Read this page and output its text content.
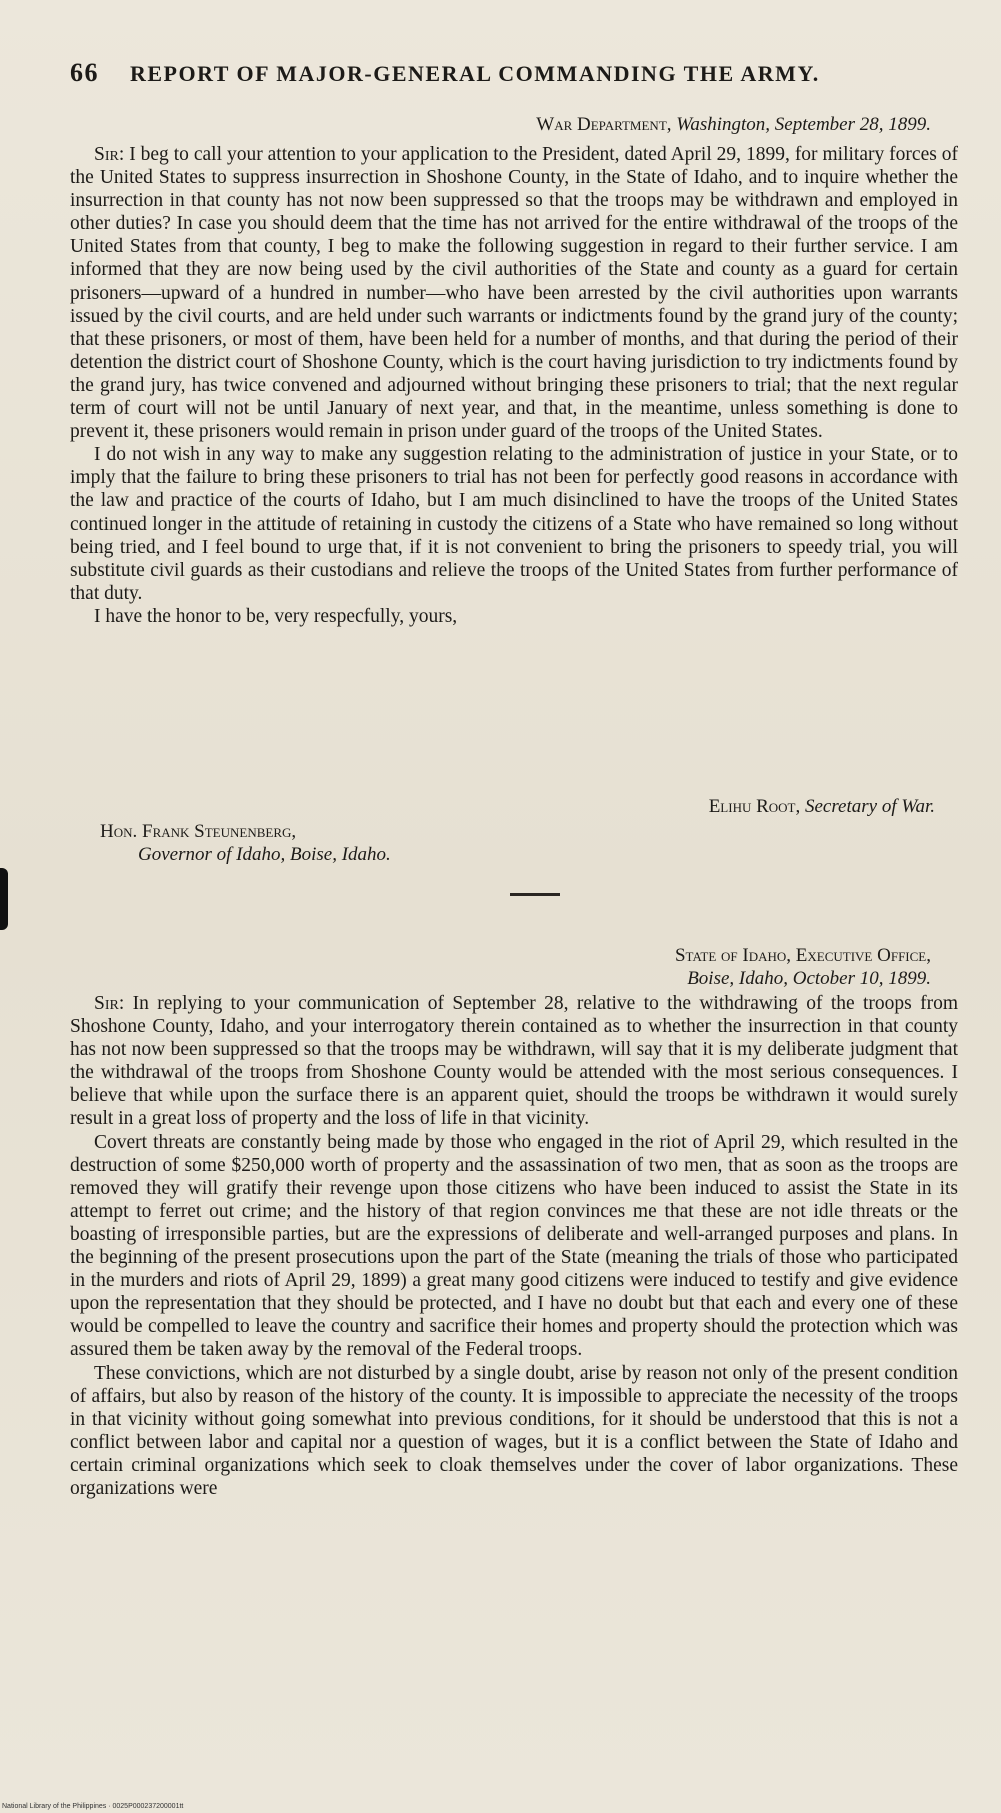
66 REPORT OF MAJOR-GENERAL COMMANDING THE ARMY.
War Department, Washington, September 28, 1899.

Sir: I beg to call your attention to your application to the President, dated April 29, 1899, for military forces of the United States to suppress insurrection in Shoshone County, in the State of Idaho, and to inquire whether the insurrection in that county has not now been suppressed so that the troops may be withdrawn and employed in other duties? In case you should deem that the time has not arrived for the entire withdrawal of the troops of the United States from that county, I beg to make the following suggestion in regard to their further service. I am informed that they are now being used by the civil authorities of the State and county as a guard for certain prisoners—upward of a hundred in number—who have been arrested by the civil authorities upon warrants issued by the civil courts, and are held under such warrants or indictments found by the grand jury of the county; that these prisoners, or most of them, have been held for a number of months, and that during the period of their detention the district court of Shoshone County, which is the court having jurisdiction to try indictments found by the grand jury, has twice convened and adjourned without bringing these prisoners to trial; that the next regular term of court will not be until January of next year, and that, in the meantime, unless something is done to prevent it, these prisoners would remain in prison under guard of the troops of the United States.

I do not wish in any way to make any suggestion relating to the administration of justice in your State, or to imply that the failure to bring these prisoners to trial has not been for perfectly good reasons in accordance with the law and practice of the courts of Idaho, but I am much disinclined to have the troops of the United States continued longer in the attitude of retaining in custody the citizens of a State who have remained so long without being tried, and I feel bound to urge that, if it is not convenient to bring the prisoners to speedy trial, you will substitute civil guards as their custodians and relieve the troops of the United States from further performance of that duty.

I have the honor to be, very respecfully, yours,

Elihu Root, Secretary of War.
Hon. Frank Steunenberg,
Governor of Idaho, Boise, Idaho.
State of Idaho, Executive Office,
Boise, Idaho, October 10, 1899.

Sir: In replying to your communication of September 28, relative to the withdrawing of the troops from Shoshone County, Idaho, and your interrogatory therein contained as to whether the insurrection in that county has not now been suppressed so that the troops may be withdrawn, will say that it is my deliberate judgment that the withdrawal of the troops from Shoshone County would be attended with the most serious consequences. I believe that while upon the surface there is an apparent quiet, should the troops be withdrawn it would surely result in a great loss of property and the loss of life in that vicinity.

Covert threats are constantly being made by those who engaged in the riot of April 29, which resulted in the destruction of some $250,000 worth of property and the assassination of two men, that as soon as the troops are removed they will gratify their revenge upon those citizens who have been induced to assist the State in its attempt to ferret out crime; and the history of that region convinces me that these are not idle threats or the boasting of irresponsible parties, but are the expressions of deliberate and well-arranged purposes and plans. In the beginning of the present prosecutions upon the part of the State (meaning the trials of those who participated in the murders and riots of April 29, 1899) a great many good citizens were induced to testify and give evidence upon the representation that they should be protected, and I have no doubt but that each and every one of these would be compelled to leave the country and sacrifice their homes and property should the protection which was assured them be taken away by the removal of the Federal troops.

These convictions, which are not disturbed by a single doubt, arise by reason not only of the present condition of affairs, but also by reason of the history of the county. It is impossible to appreciate the necessity of the troops in that vicinity without going somewhat into previous conditions, for it should be understood that this is not a conflict between labor and capital nor a question of wages, but it is a conflict between the State of Idaho and certain criminal organizations which seek to cloak themselves under the cover of labor organizations. These organizations were

National Library of the Philippines · 0025P000237200001tt
